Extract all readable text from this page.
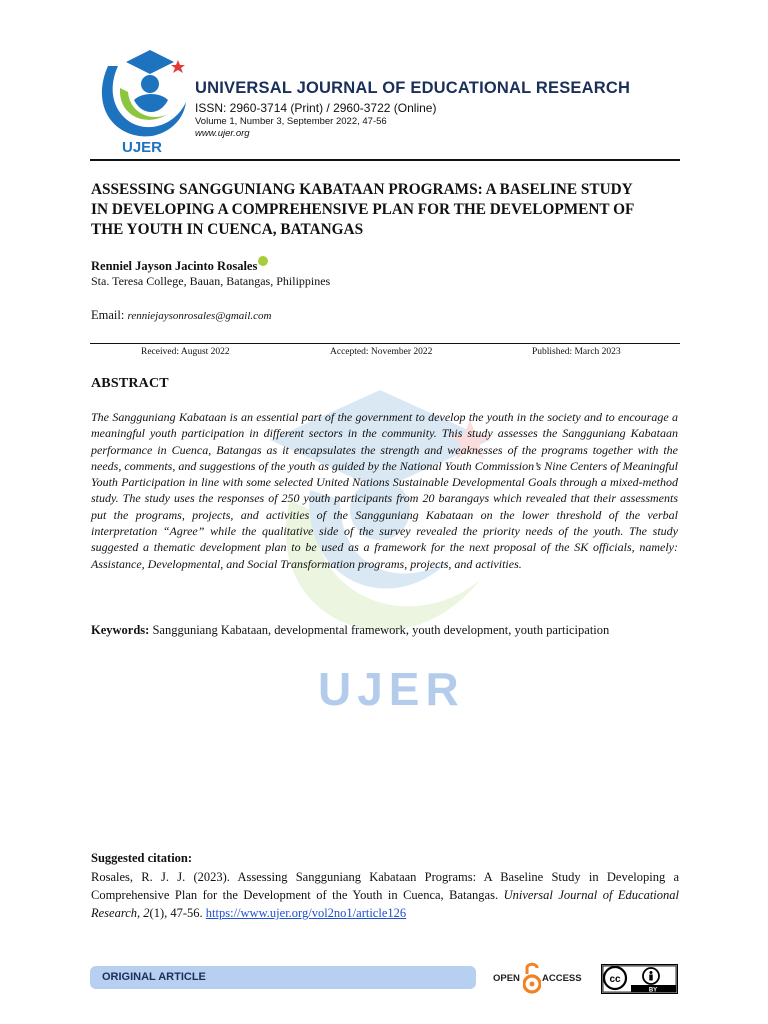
UJER
UJER
UNIVERSAL JOURNAL OF EDUCATIONAL RESEARCH
ISSN: 2960-3714 (Print) / 2960-3722 (Online)
Volume 1, Number 3, September 2022, 47-56
www.ujer.org
ASSESSING SANGGUNIANG KABATAAN PROGRAMS: A BASELINE STUDY
IN DEVELOPING A COMPREHENSIVE PLAN FOR THE DEVELOPMENT OF
THE YOUTH IN CUENCA, BATANGAS
Renniel Jayson Jacinto Rosales
Sta. Teresa College, Bauan, Batangas, Philippines
Email: renniejaysonrosales@gmail.com
Received: August 2022	Accepted: November 2022	Published: March 2023
ABSTRACT

The Sangguniang Kabataan is an essential part of the government to develop the youth in the society and to encourage a meaningful youth participation in different sectors in the community. This study assesses the Sangguniang Kabataan performance in Cuenca, Batangas as it encapsulates the strength and weaknesses of the programs together with the needs, comments, and suggestions of the youth as guided by the National Youth Commission’s Nine Centers of Meaningful Youth Participation in line with some selected United Nations Sustainable Developmental Goals through a mixed-method study. The study uses the responses of 250 youth participants from 20 barangays which revealed that their assessments put the programs, projects, and activities of the Sangguniang Kabataan on the lower threshold of the verbal interpretation “Agree” while the qualitative side of the survey revealed the priority needs of the youth. The study suggested a thematic development plan to be used as a framework for the next proposal of the SK officials, namely: Assistance, Developmental, and Social Transformation programs, projects, and activities.

Keywords: Sangguniang Kabataan, developmental framework, youth development, youth participation
Suggested citation:

Rosales, R. J. J. (2023). Assessing Sangguniang Kabataan Programs: A Baseline Study in Developing a Comprehensive Plan for the Development of the Youth in Cuenca, Batangas. Universal Journal of Educational Research, 2(1), 47-56. https://www.ujer.org/vol2no1/article126

ORIGINAL ARTICLE	OPEN ACCESS	cc
BY
